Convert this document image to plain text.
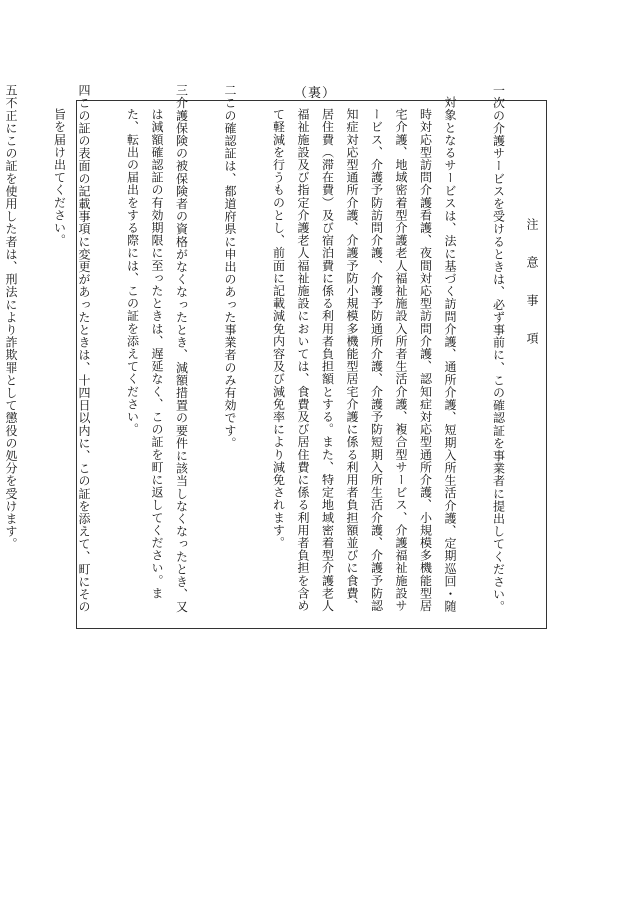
（裏）
注　意　事　項
一次の介護サービスを受けるときは、必ず事前に、この確認証を事業者に提出してください。
対象となるサービスは、法に基づく訪問介護、通所介護、短期入所生活介護、定期巡回・随時対応型訪問介護看護、夜間対応型訪問介護、認知症対応型通所介護、小規模多機能型居宅介護、地域密着型介護老人福祉施設入所者生活介護、複合型サービス、介護福祉施設サービス、介護予防訪問介護、介護予防通所介護、介護予防短期入所生活介護、介護予防認知症対応型通所介護、介護予防小規模多機能型居宅介護に係る利用者負担額並びに食費、居住費（滞在費）及び宿泊費に係る利用者負担額とする。また、特定地域密着型介護老人福祉施設及び指定介護老人福祉施設においては、食費及び居住費に係る利用者負担を含めて軽減を行うものとし、前面に記載減免内容及び減免率により減免されます。
二この確認証は、都道府県に申出のあった事業者のみ有効です。
三介護保険の被保険者の資格がなくなったとき、減額措置の要件に該当しなくなったとき、又は減額確認証の有効期限に至ったときは、遅延なく、この証を町に返してください。また、転出の届出をする際には、この証を添えてください。
四この証の表面の記載事項に変更があったときは、十四日以内に、この証を添えて、町にその旨を届け出てください。
五不正にこの証を使用した者は、刑法により詐欺罪として懲役の処分を受けます。
